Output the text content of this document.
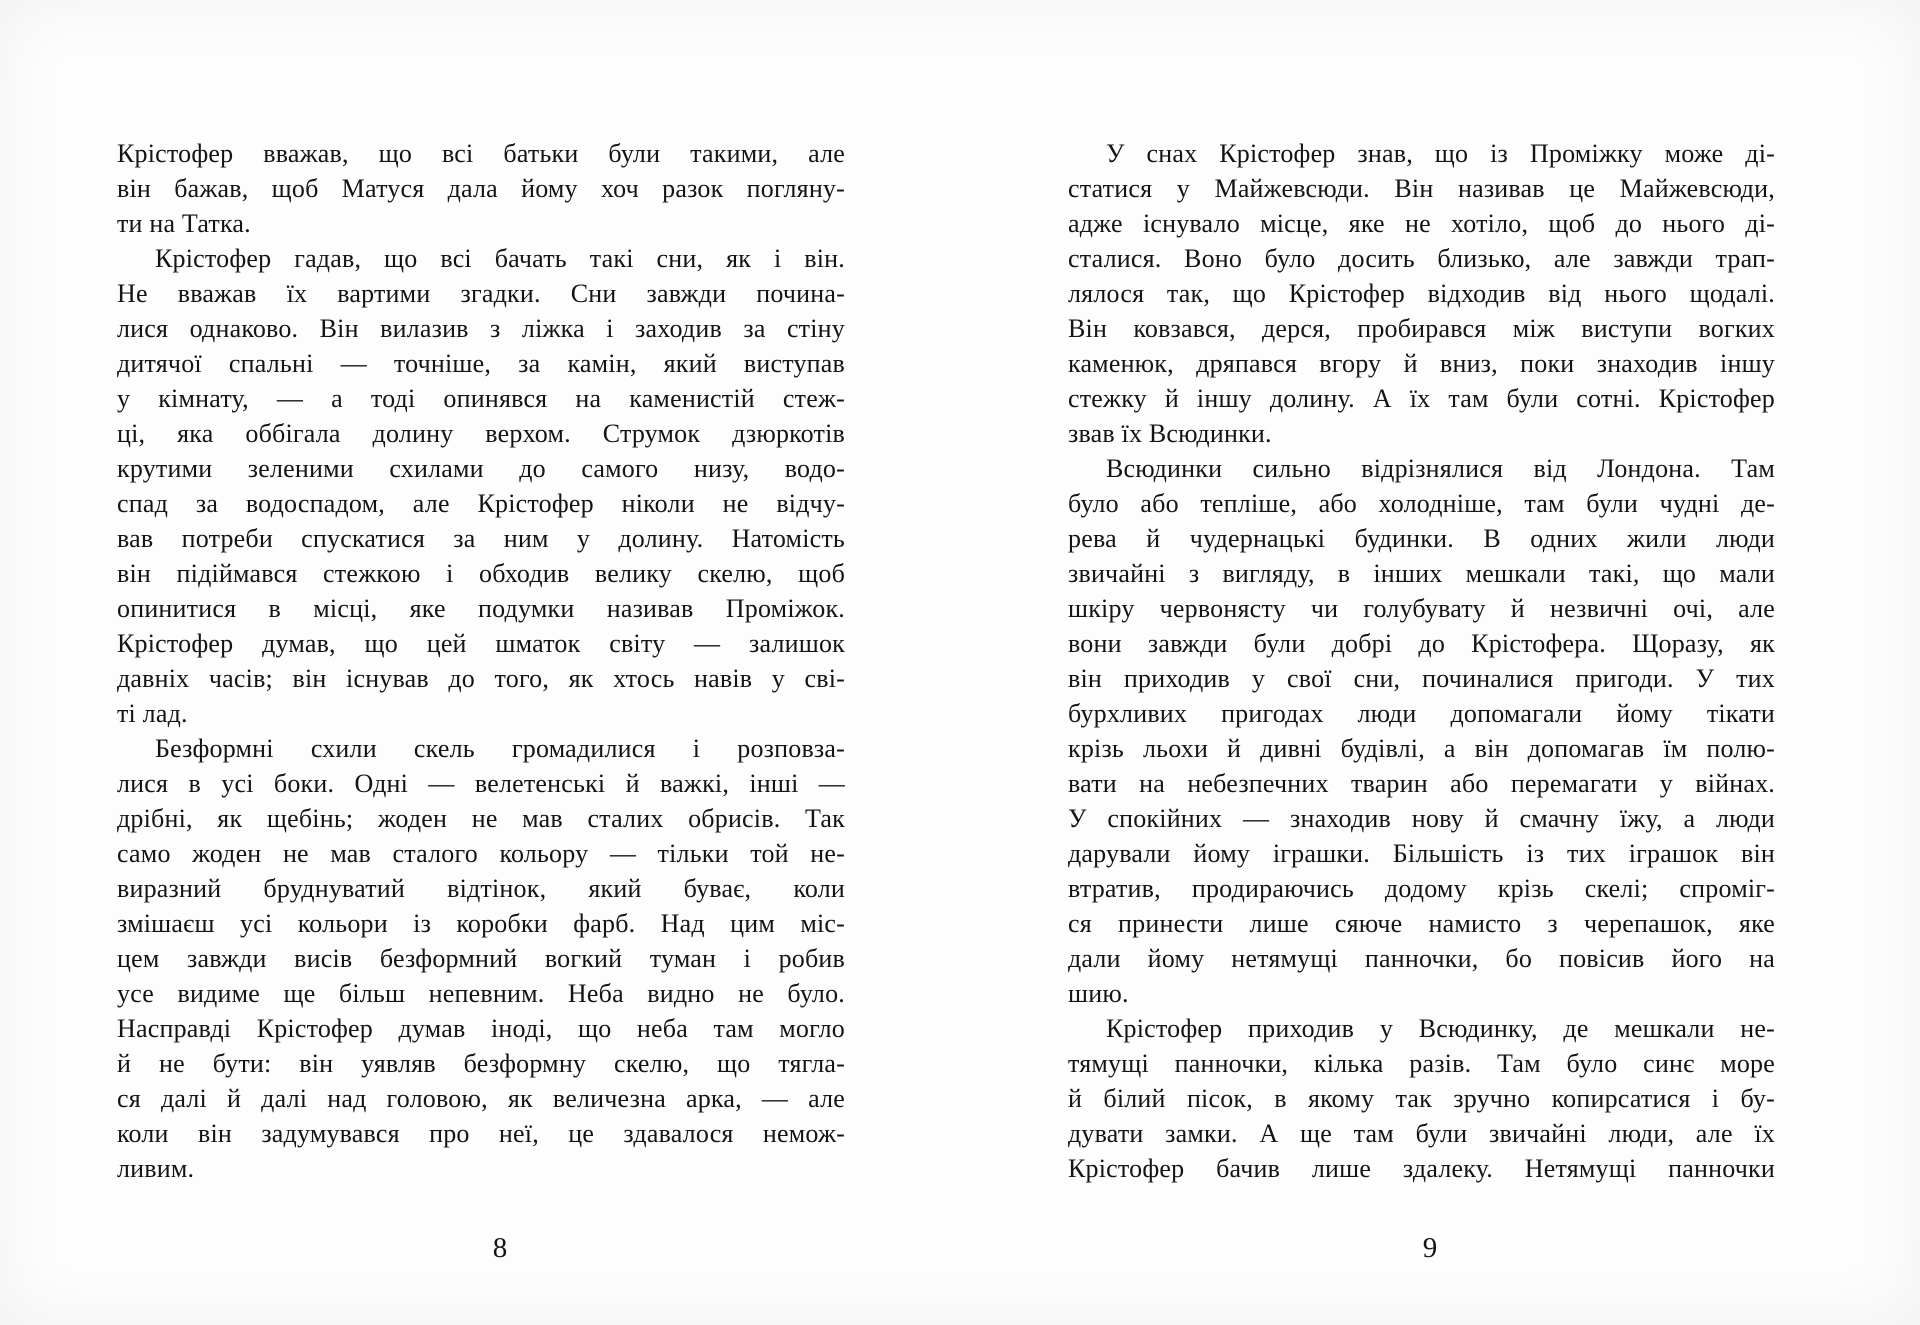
Крістофер вважав, що всі батьки були такими, але
він бажав, щоб Матуся дала йому хоч разок погляну-
ти на Татка.
Крістофер гадав, що всі бачать такі сни, як і він.
Не вважав їх вартими згадки. Сни завжди почина-
лися однаково. Він вилазив з ліжка і заходив за стіну
дитячої спальні — точніше, за камін, який виступав
у кімнату, — а тоді опинявся на каменистій стеж-
ці, яка оббігала долину верхом. Струмок дзюркотів
крутими зеленими схилами до самого низу, водо-
спад за водоспадом, але Крістофер ніколи не відчу-
вав потреби спускатися за ним у долину. Натомість
він підіймався стежкою і обходив велику скелю, щоб
опинитися в місці, яке подумки називав Проміжок.
Крістофер думав, що цей шматок світу — залишок
давніх часів; він існував до того, як хтось навів у сві-
ті лад.
Безформні схили скель громадилися і розповза-
лися в усі боки. Одні — велетенські й важкі, інші —
дрібні, як щебінь; жоден не мав сталих обрисів. Так
само жоден не мав сталого кольору — тільки той не-
виразний бруднуватий відтінок, який буває, коли
змішаєш усі кольори із коробки фарб. Над цим міс-
цем завжди висів безформний вогкий туман і робив
усе видиме ще більш непевним. Неба видно не було.
Насправді Крістофер думав іноді, що неба там могло
й не бути: він уявляв безформну скелю, що тягла-
ся далі й далі над головою, як величезна арка, — але
коли він задумувався про неї, це здавалося немож-
ливим.
8
У снах Крістофер знав, що із Проміжку може ді-
статися у Майжевсюди. Він називав це Майжевсюди,
адже існувало місце, яке не хотіло, щоб до нього ді-
сталися. Воно було досить близько, але завжди трап-
лялося так, що Крістофер відходив від нього щодалі.
Він ковзався, дерся, пробирався між виступи вогких
каменюк, дряпався вгору й вниз, поки знаходив іншу
стежку й іншу долину. А їх там були сотні. Крістофер
звав їх Всюдинки.
Всюдинки сильно відрізнялися від Лондона. Там
було або тепліше, або холодніше, там були чудні де-
рева й чудернацькі будинки. В одних жили люди
звичайні з вигляду, в інших мешкали такі, що мали
шкіру червонясту чи голубувату й незвичні очі, але
вони завжди були добрі до Крістофера. Щоразу, як
він приходив у свої сни, починалися пригоди. У тих
бурхливих пригодах люди допомагали йому тікати
крізь льохи й дивні будівлі, а він допомагав їм полю-
вати на небезпечних тварин або перемагати у війнах.
У спокійних — знаходив нову й смачну їжу, а люди
дарували йому іграшки. Більшість із тих іграшок він
втратив, продираючись додому крізь скелі; спроміг-
ся принести лише сяюче намисто з черепашок, яке
дали йому нетямущі панночки, бо повісив його на
шию.
Крістофер приходив у Всюдинку, де мешкали не-
тямущі панночки, кілька разів. Там було синє море
й білий пісок, в якому так зручно копирсатися і бу-
дувати замки. А ще там були звичайні люди, але їх
Крістофер бачив лише здалеку. Нетямущі панночки
9
